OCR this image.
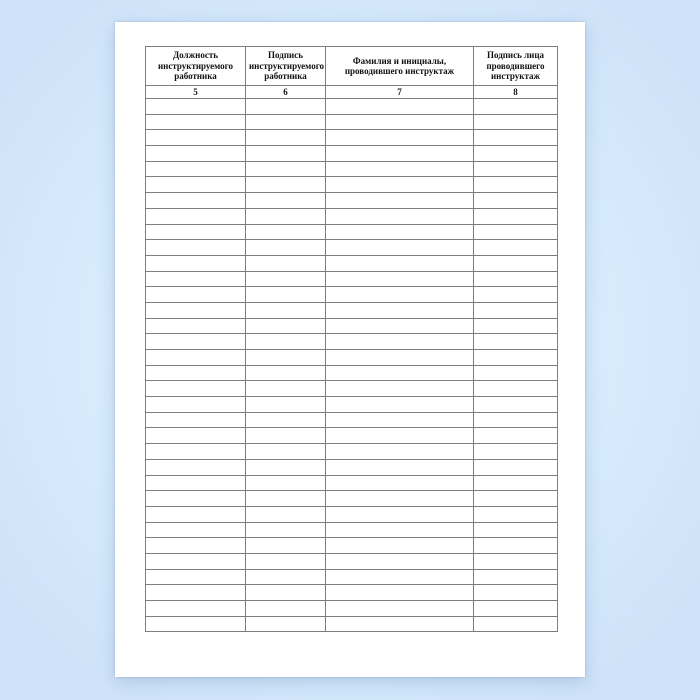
Должность инструктируемого работника	Подпись инструктируемого работника	Фамилия и инициалы, проводившего инструктаж	Подпись лица проводившего инструктаж
5	6	7	8
